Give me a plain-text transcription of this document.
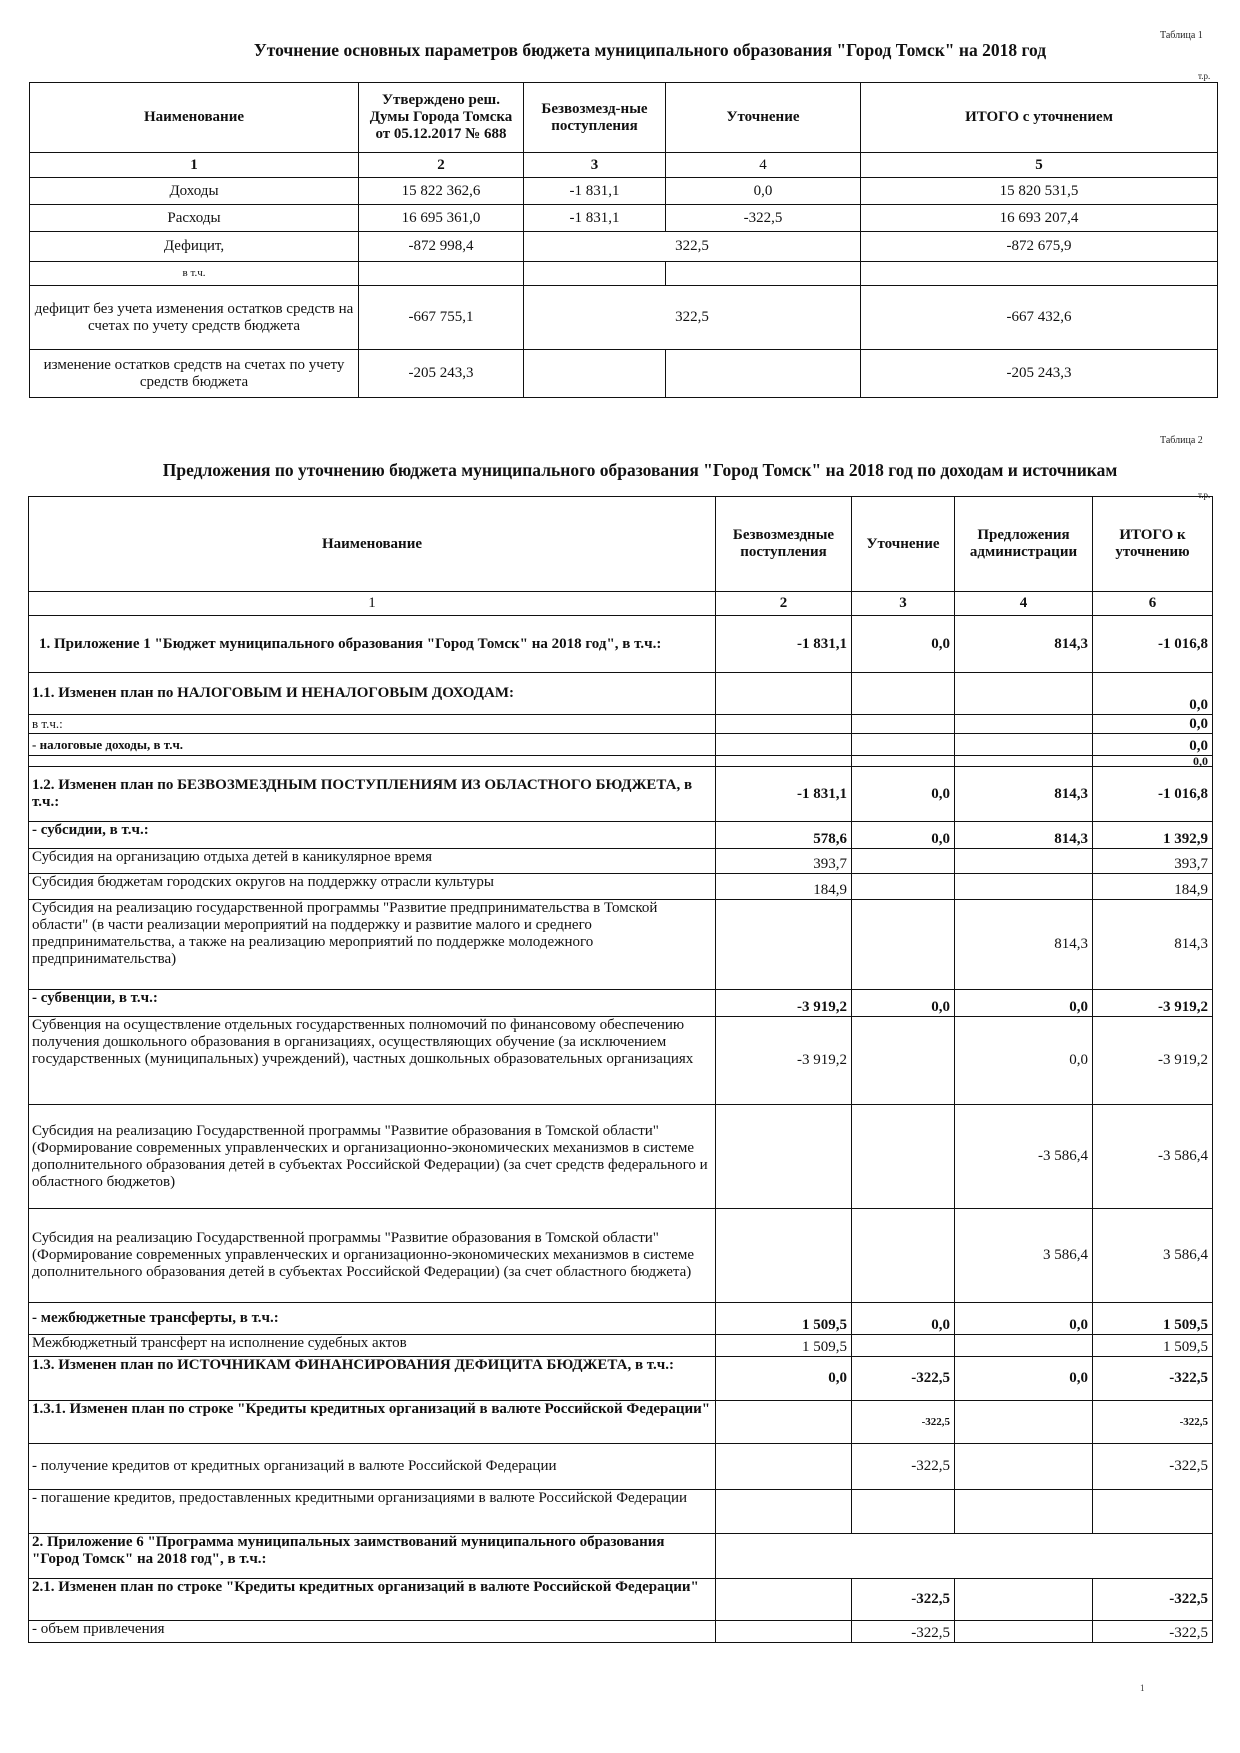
Таблица 1
Уточнение основных параметров бюджета муниципального образования "Город Томск" на 2018 год
т.р.
Наименование	Утверждено реш. Думы Города Томска от 05.12.2017 № 688	Безвозмезд-ные поступления	Уточнение	ИТОГО с уточнением
1	2	3	4	5
Доходы	15 822 362,6	-1 831,1	0,0	15 820 531,5
Расходы	16 695 361,0	-1 831,1	-322,5	16 693 207,4
Дефицит,	-872 998,4	322,5		-872 675,9
в т.ч.				
дефицит без учета изменения остатков средств на счетах по учету средств бюджета	-667 755,1	322,5		-667 432,6
изменение остатков средств на счетах по учету средств бюджета	-205 243,3			-205 243,3
Таблица 2
Предложения по уточнению бюджета муниципального образования "Город Томск" на 2018 год по доходам и источникам
т.р.
Наименование	Безвозмездные поступления	Уточнение	Предложения администрации	ИТОГО к уточнению
1	2	3	4	6
1. Приложение 1 "Бюджет муниципального образования "Город Томск" на 2018 год", в т.ч.:	-1 831,1	0,0	814,3	-1 016,8
1.1. Изменен план по НАЛОГОВЫМ И НЕНАЛОГОВЫМ ДОХОДАМ:				0,0
в т.ч.:				0,0
- налоговые доходы, в т.ч.				0,0
				0,0
1.2. Изменен план по БЕЗВОЗМЕЗДНЫМ ПОСТУПЛЕНИЯМ ИЗ ОБЛАСТНОГО БЮДЖЕТА, в т.ч.:	-1 831,1	0,0	814,3	-1 016,8
- субсидии, в т.ч.:	578,6	0,0	814,3	1 392,9
Субсидия на организацию отдыха детей в каникулярное время	393,7			393,7
Субсидия бюджетам городских округов на поддержку отрасли культуры	184,9			184,9
Субсидия на реализацию государственной программы "Развитие предпринимательства в Томской области" (в части реализации мероприятий на поддержку и развитие малого и среднего предпринимательства, а также на реализацию мероприятий по поддержке молодежного предпринимательства)			814,3	814,3
- субвенции, в т.ч.:	-3 919,2	0,0	0,0	-3 919,2
Субвенция на осуществление отдельных государственных полномочий по финансовому обеспечению получения дошкольного образования в организациях, осуществляющих обучение (за исключением государственных (муниципальных) учреждений), частных дошкольных образовательных организациях	-3 919,2		0,0	-3 919,2
Субсидия на реализацию Государственной программы "Развитие образования в Томской области" (Формирование современных управленческих и организационно-экономических механизмов в системе дополнительного образования детей в субъектах Российской Федерации) (за счет средств федерального и областного бюджетов)			-3 586,4	-3 586,4
Субсидия на реализацию Государственной программы "Развитие образования в Томской области" (Формирование современных управленческих и организационно-экономических механизмов в системе дополнительного образования детей в субъектах Российской Федерации) (за счет областного бюджета)			3 586,4	3 586,4
- межбюджетные трансферты, в т.ч.:	1 509,5	0,0	0,0	1 509,5
Межбюджетный трансферт на исполнение судебных актов	1 509,5			1 509,5
1.3. Изменен план по ИСТОЧНИКАМ ФИНАНСИРОВАНИЯ ДЕФИЦИТА БЮДЖЕТА, в т.ч.:	0,0	-322,5	0,0	-322,5
1.3.1. Изменен план по строке "Кредиты кредитных организаций в валюте Российской Федерации"		-322,5		-322,5
- получение кредитов от кредитных организаций в валюте Российской Федерации		-322,5		-322,5
- погашение кредитов, предоставленных кредитными организациями в валюте Российской Федерации				
2. Приложение 6 "Программа муниципальных заимствований муниципального образования "Город Томск" на 2018 год", в т.ч.:				
2.1. Изменен план по строке "Кредиты кредитных организаций в валюте Российской Федерации"		-322,5		-322,5
- объем привлечения		-322,5		-322,5
1
